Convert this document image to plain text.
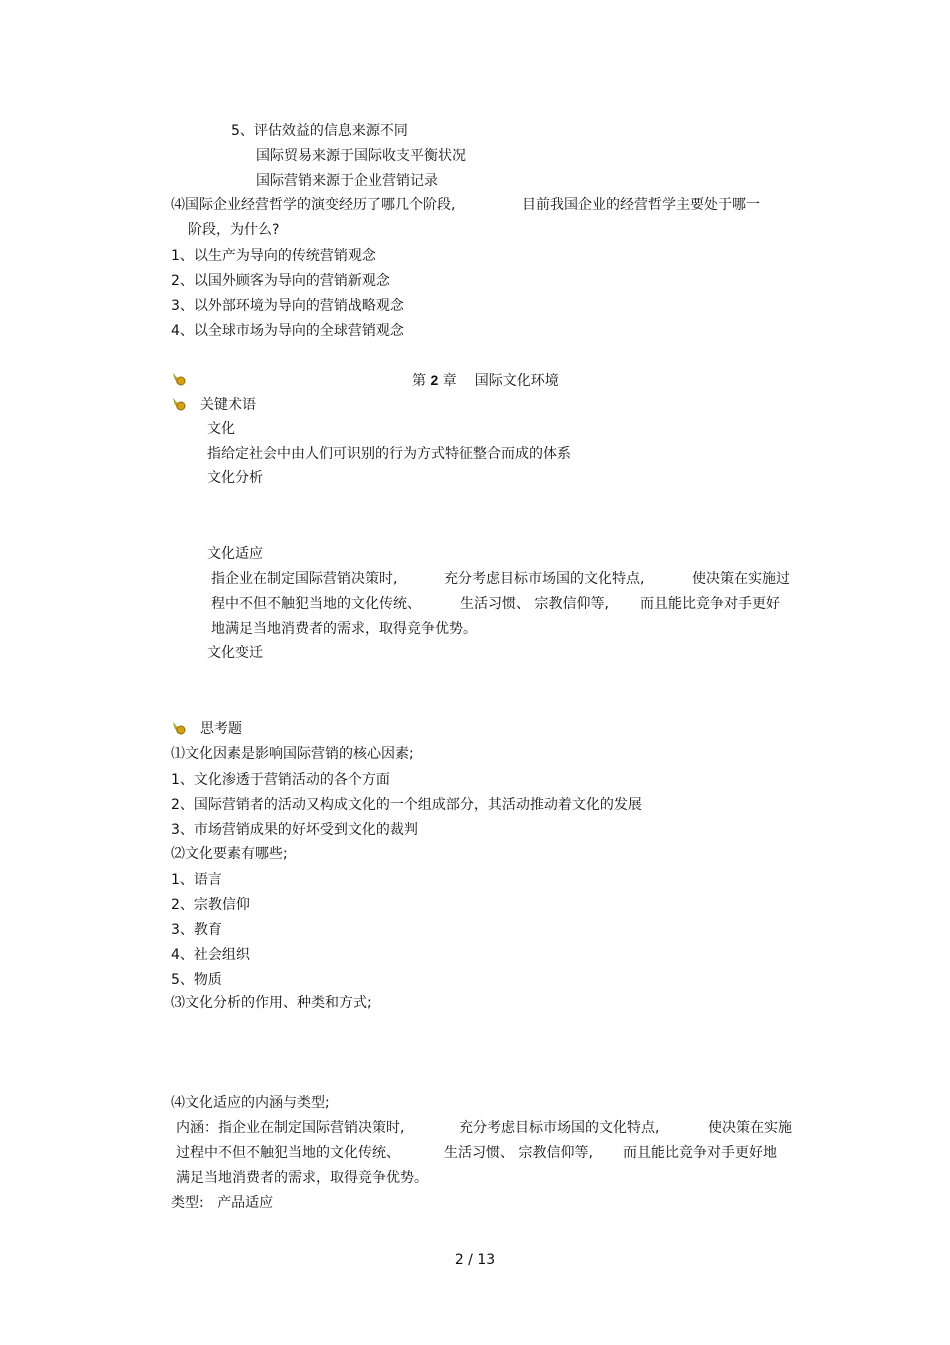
5、评估效益的信息来源不同
国际贸易来源于国际收支平衡状况
国际营销来源于企业营销记录
⑷国际企业经营哲学的演变经历了哪几个阶段,	目前我国企业的经营哲学主要处于哪一
阶段，为什么?
1、以生产为导向的传统营销观念
2、以国外顾客为导向的营销新观念
3、以外部环境为导向的营销战略观念
4、以全球市场为导向的全球营销观念
第 2 章 国际文化环境
关键术语
文化
指给定社会中由人们可识别的行为方式特征整合而成的体系
文化分析
文化适应
指企业在制定国际营销决策时,	充分考虑目标市场国的文化特点,	使决策在实施过
程中不但不触犯当地的文化传统、	生活习惯、 宗教信仰等, 而且能比竞争对手更好
地满足当地消费者的需求，取得竞争优势。
文化变迁
思考题
⑴文化因素是影响国际营销的核心因素;
1、文化渗透于营销活动的各个方面
2、国际营销者的活动又构成文化的一个组成部分，其活动推动着文化的发展
3、市场营销成果的好坏受到文化的裁判
⑵文化要素有哪些;
1、语言
2、宗教信仰
3、教育
4、社会组织
5、物质
⑶文化分析的作用、种类和方式;
⑷文化适应的内涵与类型;
内涵：指企业在制定国际营销决策时,	充分考虑目标市场国的文化特点,	使决策在实施
过程中不但不触犯当地的文化传统、	生活习惯、 宗教信仰等, 而且能比竞争对手更好地
满足当地消费者的需求，取得竞争优势。
类型:   产品适应
2 / 13
